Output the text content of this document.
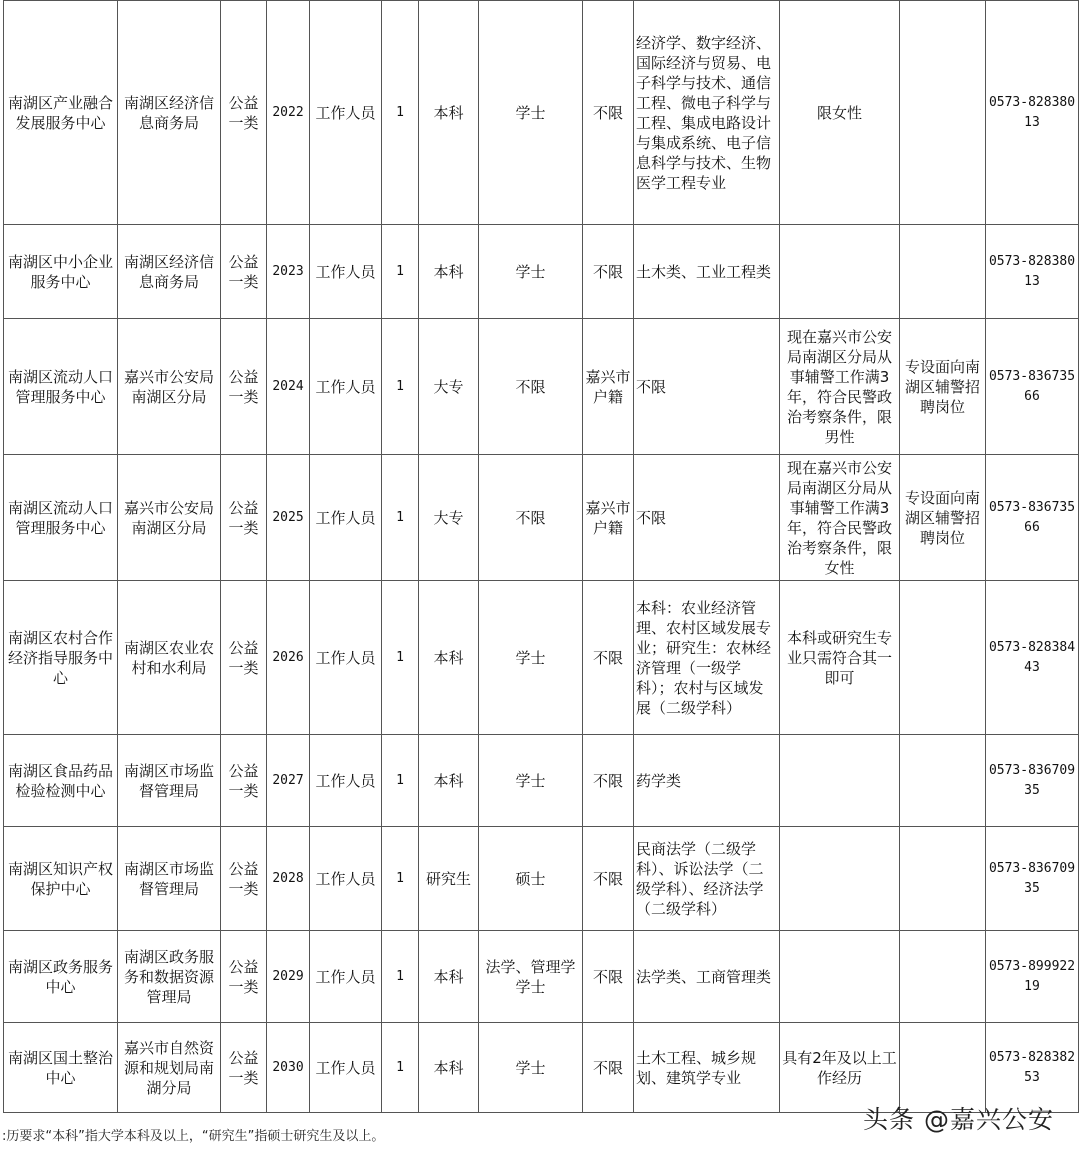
南湖区产业融合发展服务中心	南湖区经济信息商务局	公益一类	2022	工作人员	1	本科	学士	不限	经济学、数字经济、国际经济与贸易、电子科学与技术、通信工程、微电子科学与工程、集成电路设计与集成系统、电子信息科学与技术、生物医学工程专业	限女性		0573-82838013
南湖区中小企业服务中心	南湖区经济信息商务局	公益一类	2023	工作人员	1	本科	学士	不限	土木类、工业工程类			0573-82838013
南湖区流动人口管理服务中心	嘉兴市公安局南湖区分局	公益一类	2024	工作人员	1	大专	不限	嘉兴市户籍	不限	现在嘉兴市公安局南湖区分局从事辅警工作满3年，符合民警政治考察条件，限男性	专设面向南湖区辅警招聘岗位	0573-83673566
南湖区流动人口管理服务中心	嘉兴市公安局南湖区分局	公益一类	2025	工作人员	1	大专	不限	嘉兴市户籍	不限	现在嘉兴市公安局南湖区分局从事辅警工作满3年，符合民警政治考察条件，限女性	专设面向南湖区辅警招聘岗位	0573-83673566
南湖区农村合作经济指导服务中心	南湖区农业农村和水利局	公益一类	2026	工作人员	1	本科	学士	不限	本科：农业经济管理、农村区域发展专业；研究生：农林经济管理（一级学科）；农村与区域发展（二级学科）	本科或研究生专业只需符合其一即可		0573-82838443
南湖区食品药品检验检测中心	南湖区市场监督管理局	公益一类	2027	工作人员	1	本科	学士	不限	药学类			0573-83670935
南湖区知识产权保护中心	南湖区市场监督管理局	公益一类	2028	工作人员	1	研究生	硕士	不限	民商法学（二级学科）、诉讼法学（二级学科）、经济法学（二级学科）			0573-83670935
南湖区政务服务中心	南湖区政务服务和数据资源管理局	公益一类	2029	工作人员	1	本科	法学、管理学学士	不限	法学类、工商管理类			0573-89992219
南湖区国土整治中心	嘉兴市自然资源和规划局南湖分局	公益一类	2030	工作人员	1	本科	学士	不限	土木工程、城乡规划、建筑学专业	具有2年及以上工作经历		0573-82838253
:历要求“本科”指大学本科及以上，“研究生”指硕士研究生及以上。
头条 @嘉兴公安
